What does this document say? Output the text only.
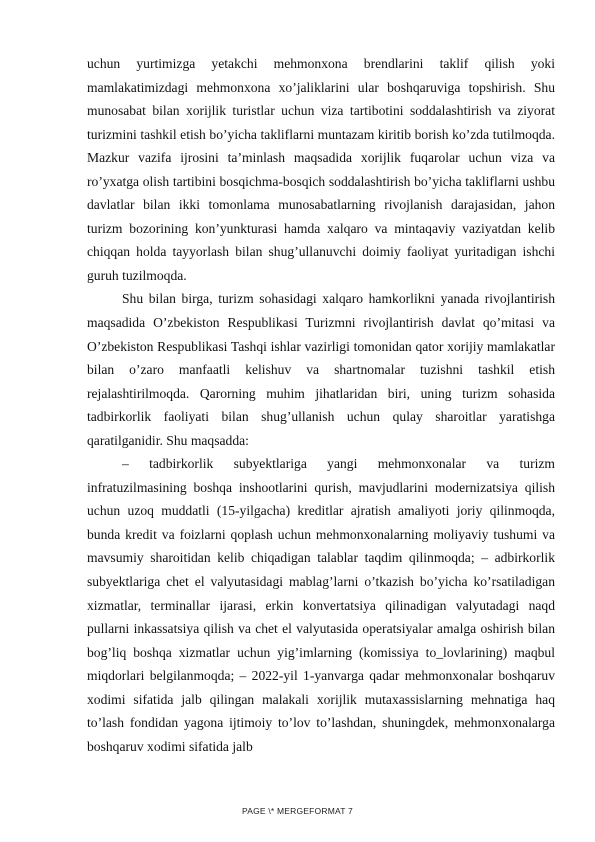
uchun yurtimizga yetakchi mehmonxona brendlarini taklif qilish yoki mamlakatimizdagi mehmonxona xo’jaliklarini ular boshqaruviga topshirish. Shu munosabat bilan xorijlik turistlar uchun viza tartibotini soddalashtirish va ziyorat turizmini tashkil etish bo’yicha takliflarni muntazam kiritib borish ko’zda tutilmoqda. Mazkur vazifa ijrosini ta’minlash maqsadida xorijlik fuqarolar uchun viza va ro’yxatga olish tartibini bosqichma-bosqich soddalashtirish bo’yicha takliflarni ushbu davlatlar bilan ikki tomonlama munosabatlarning rivojlanish darajasidan, jahon turizm bozorining kon’yunkturasi hamda xalqaro va mintaqaviy vaziyatdan kelib chiqqan holda tayyorlash bilan shug’ullanuvchi doimiy faoliyat yuritadigan ishchi guruh tuzilmoqda.

Shu bilan birga, turizm sohasidagi xalqaro hamkorlikni yanada rivojlantirish maqsadida O’zbekiston Respublikasi Turizmni rivojlantirish davlat qo’mitasi va O’zbekiston Respublikasi Tashqi ishlar vazirligi tomonidan qator xorijiy mamlakatlar bilan o’zaro manfaatli kelishuv va shartnomalar tuzishni tashkil etish rejalashtirilmoqda. Qarorning muhim jihatlaridan biri, uning turizm sohasida tadbirkorlik faoliyati bilan shug’ullanish uchun qulay sharoitlar yaratishga qaratilganidir. Shu maqsadda:

– tadbirkorlik subyektlariga yangi mehmonxonalar va turizm infratuzilmasining boshqa inshootlarini qurish, mavjudlarini modernizatsiya qilish uchun uzoq muddatli (15-yilgacha) kreditlar ajratish amaliyoti joriy qilinmoqda, bunda kredit va foizlarni qoplash uchun mehmonxonalarning moliyaviy tushumi va mavsumiy sharoitidan kelib chiqadigan talablar taqdim qilinmoqda; – adbirkorlik subyektlariga chet el valyutasidagi mablag’larni o’tkazish bo’yicha ko’rsatiladigan xizmatlar, terminallar ijarasi, erkin konvertatsiya qilinadigan valyutadagi naqd pullarni inkassatsiya qilish va chet el valyutasida operatsiyalar amalga oshirish bilan bog’liq boshqa xizmatlar uchun yig’imlarning (komissiya to_lovlarining) maqbul miqdorlari belgilanmoqda; – 2022-yil 1-yanvarga qadar mehmonxonalar boshqaruv xodimi sifatida jalb qilingan malakali xorijlik mutaxassislarning mehnatiga haq to’lash fondidan yagona ijtimoiy to’lov to’lashdan, shuningdek, mehmonxonalarga boshqaruv xodimi sifatida jalb

PAGE \* MERGEFORMAT 7
